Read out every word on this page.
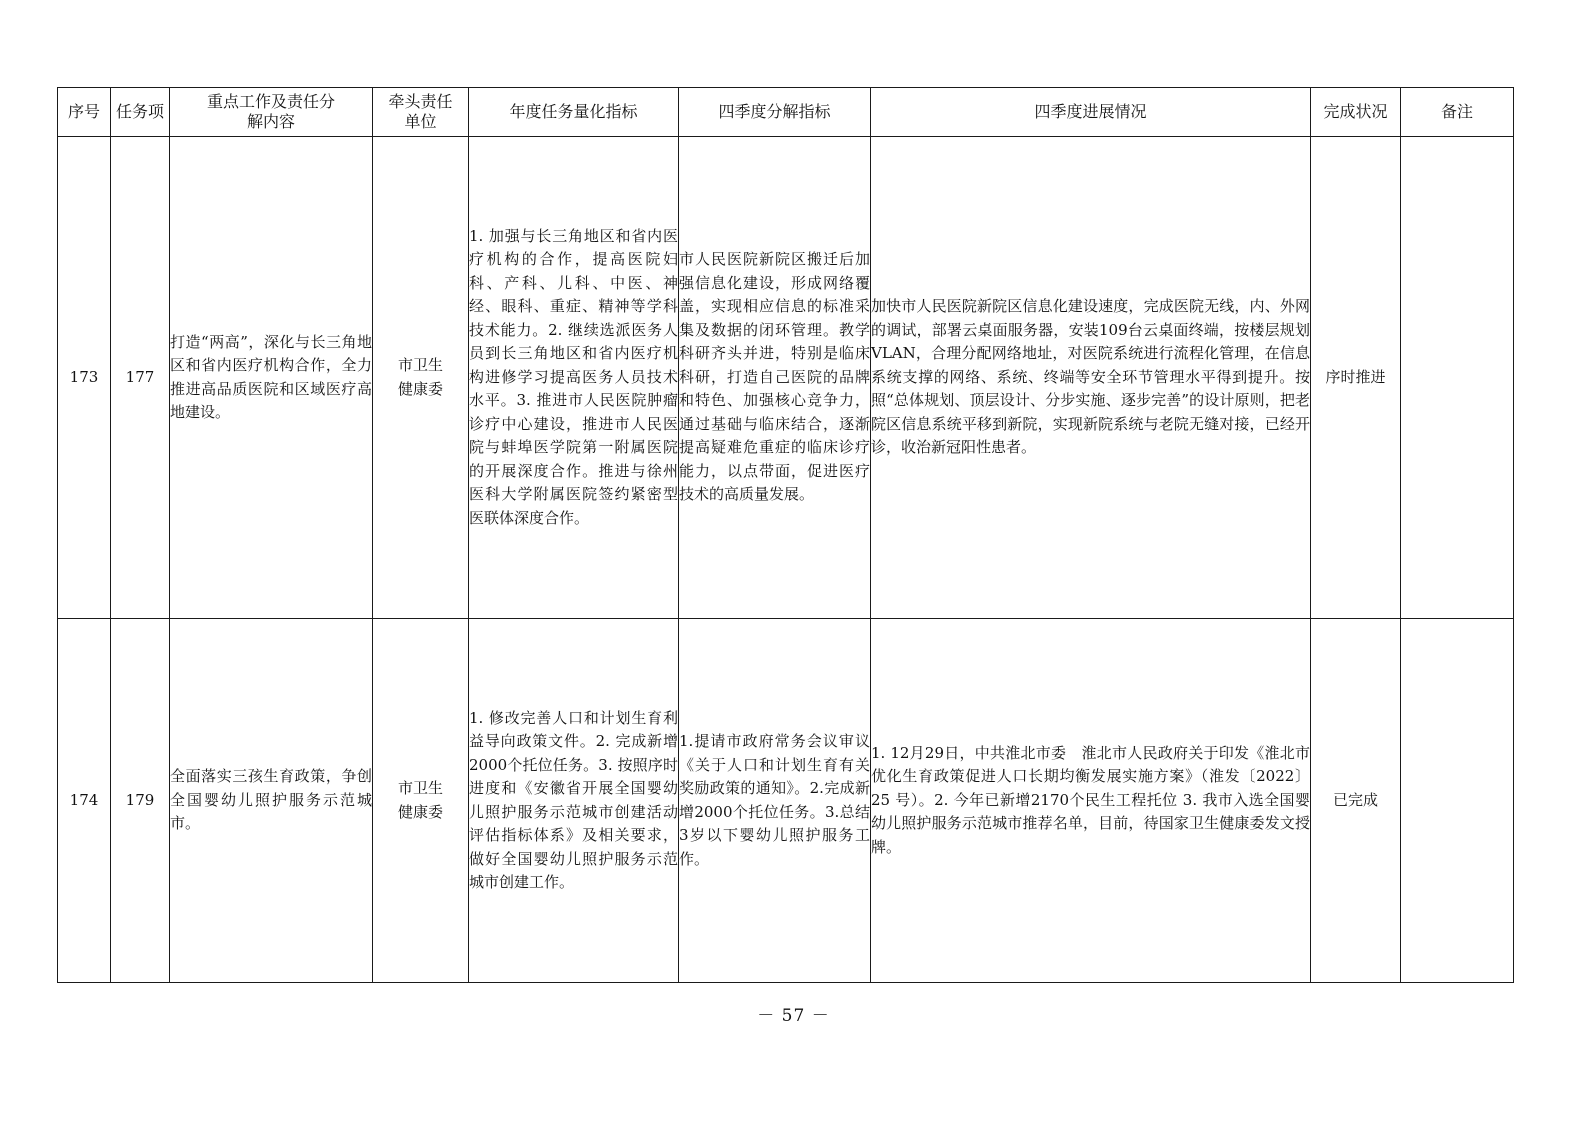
序号	任务项	重点工作及责任分解内容	牵头责任单位	年度任务量化指标	四季度分解指标	四季度进展情况	完成状况	备注
173	177	打造“两高”，深化与长三角地区和省内医疗机构合作，全力推进高品质医院和区域医疗高地建设。	市卫生健康委	1. 加强与长三角地区和省内医疗机构的合作，提高医院妇科、产科、儿科、中医、神经、眼科、重症、精神等学科技术能力。2. 继续选派医务人员到长三角地区和省内医疗机构进修学习提高医务人员技术水平。3. 推进市人民医院肿瘤诊疗中心建设，推进市人民医院与蚌埠医学院第一附属医院的开展深度合作。推进与徐州医科大学附属医院签约紧密型医联体深度合作。	市人民医院新院区搬迁后加强信息化建设，形成网络覆盖，实现相应信息的标准采集及数据的闭环管理。教学科研齐头并进，特别是临床科研，打造自己医院的品牌和特色、加强核心竞争力，通过基础与临床结合，逐渐提高疑难危重症的临床诊疗能力，以点带面，促进医疗技术的高质量发展。	加快市人民医院新院区信息化建设速度，完成医院无线，内、外网的调试，部署云桌面服务器，安装109台云桌面终端，按楼层规划VLAN，合理分配网络地址，对医院系统进行流程化管理，在信息系统支撑的网络、系统、终端等安全环节管理水平得到提升。按照“总体规划、顶层设计、分步实施、逐步完善”的设计原则，把老院区信息系统平移到新院，实现新院系统与老院无缝对接，已经开诊，收治新冠阳性患者。	序时推进	
174	179	全面落实三孩生育政策，争创全国婴幼儿照护服务示范城市。	市卫生健康委	1. 修改完善人口和计划生育利益导向政策文件。2. 完成新增2000个托位任务。3. 按照序时进度和《安徽省开展全国婴幼儿照护服务示范城市创建活动评估指标体系》及相关要求，做好全国婴幼儿照护服务示范城市创建工作。	1.提请市政府常务会议审议《关于人口和计划生育有关奖励政策的通知》。2.完成新增2000个托位任务。3.总结3岁以下婴幼儿照护服务工作。	1. 12月29日，中共淮北市委　淮北市人民政府关于印发《淮北市优化生育政策促进人口长期均衡发展实施方案》（淮发〔2022〕25 号）。2. 今年已新增2170个民生工程托位 3. 我市入选全国婴幼儿照护服务示范城市推荐名单，目前，待国家卫生健康委发文授牌。	已完成	
－ 57 －
